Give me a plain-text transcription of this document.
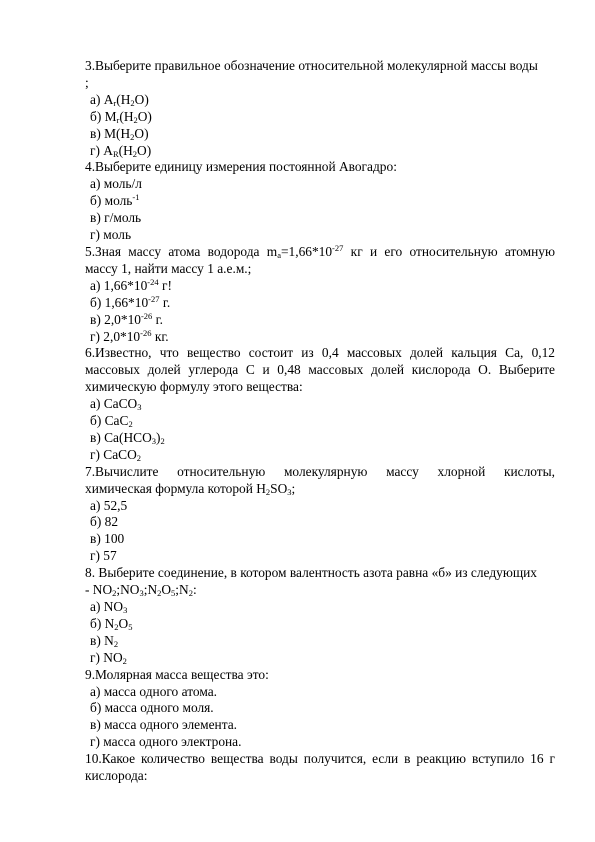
3.Выберите правильное обозначение относительной молекулярной массы воды
;
а) $A_r(H_2O)$
б) $M_r(H_2O)$
в) $M(H_2O)$
г) $A_R(H_2O)$
4.Выберите единицу измерения постоянной Авогадро:
а) моль/л
б) моль$^{-1}$
в) г/моль
г) моль
5.Зная массу атома водорода $m_a=1,66*10^{-27}$ кг и его относительную атомную
массу 1, найти массу 1 а.е.м.;
а) $1,66*10^{-24}$ г!
б) $1,66*10^{-27}$ г.
в) $2,0*10^{-26}$ г.
г) $2,0*10^{-26}$ кг.
6.Известно, что вещество состоит из 0,4 массовых долей кальция Ca, 0,12
массовых долей углерода C и 0,48 массовых долей кислорода O. Выберите
химическую формулу этого вещества:
а) CaCO$_3$
б) CaC$_2$
в) $Ca(HCO_3)_2$
г) CaCO$_2$
7.Вычислите относительную молекулярную массу хлорной кислоты,
химическая формула которой $H_2SO_3$;
а) 52,5
б) 82
в) 100
г) 57
8. Выберите соединение, в котором валентность азота равна «б» из следующих
- $NO_2;NO_3;N_2O_5;N_2$:
а) $NO_3$
б) $N_2O_5$
в) $N_2$
г) $NO_2$
9.Молярная масса вещества это:
а) масса одного атома.
б) масса одного моля.
в) масса одного элемента.
г) масса одного электрона.
10.Какое количество вещества воды получится, если в реакцию вступило 16 г
кислорода:
